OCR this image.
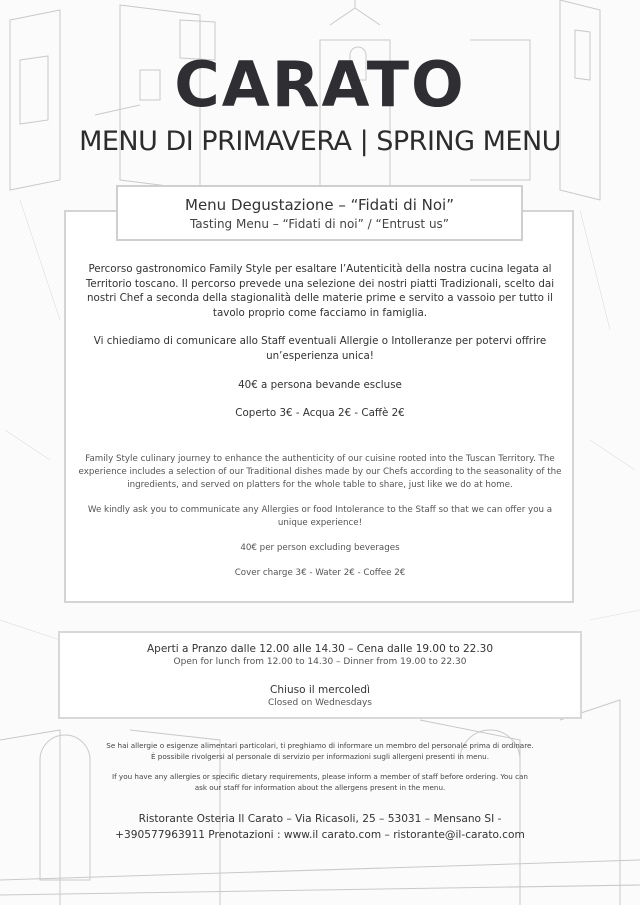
CARATO
MENU DI PRIMAVERA | SPRING MENU
Menu Degustazione – “Fidati di Noi”
Tasting Menu – “Fidati di noi” / “Entrust us”

Percorso gastronomico Family Style per esaltare l’Autenticità della nostra cucina legata al Territorio toscano. Il percorso prevede una selezione dei nostri piatti Tradizionali, scelto dai nostri Chef a seconda della stagionalità delle materie prime e servito a vassoio per tutto il tavolo proprio come facciamo in famiglia.

Vi chiediamo di comunicare allo Staff eventuali Allergie o Intolleranze per potervi offrire un’esperienza unica!

40€ a persona bevande escluse

Coperto 3€ - Acqua 2€ - Caffè 2€

Family Style culinary journey to enhance the authenticity of our cuisine rooted into the Tuscan Territory. The experience includes a selection of our Traditional dishes made by our Chefs according to the seasonality of the ingredients, and served on platters for the whole table to share, just like we do at home.

We kindly ask you to communicate any Allergies or food Intolerance to the Staff so that we can offer you a unique experience!

40€ per person excluding beverages

Cover charge 3€ - Water 2€ - Coffee 2€

Aperti a Pranzo dalle 12.00 alle 14.30 – Cena dalle 19.00 to 22.30
Open for lunch from 12.00 to 14.30 – Dinner from 19.00 to 22.30
Chiuso il mercoledì
Closed on Wednesdays

Se hai allergie o esigenze alimentari particolari, ti preghiamo di informare un membro del personale prima di ordinare. È possibile rivolgersi al personale di servizio per informazioni sugli allergeni presenti in menu.

If you have any allergies or specific dietary requirements, please inform a member of staff before ordering. You can ask our staff for information about the allergens present in the menu.

Ristorante Osteria Il Carato – Via Ricasoli, 25 – 53031 – Mensano SI -
+390577963911 Prenotazioni : www.il carato.com – ristorante@il-carato.com
